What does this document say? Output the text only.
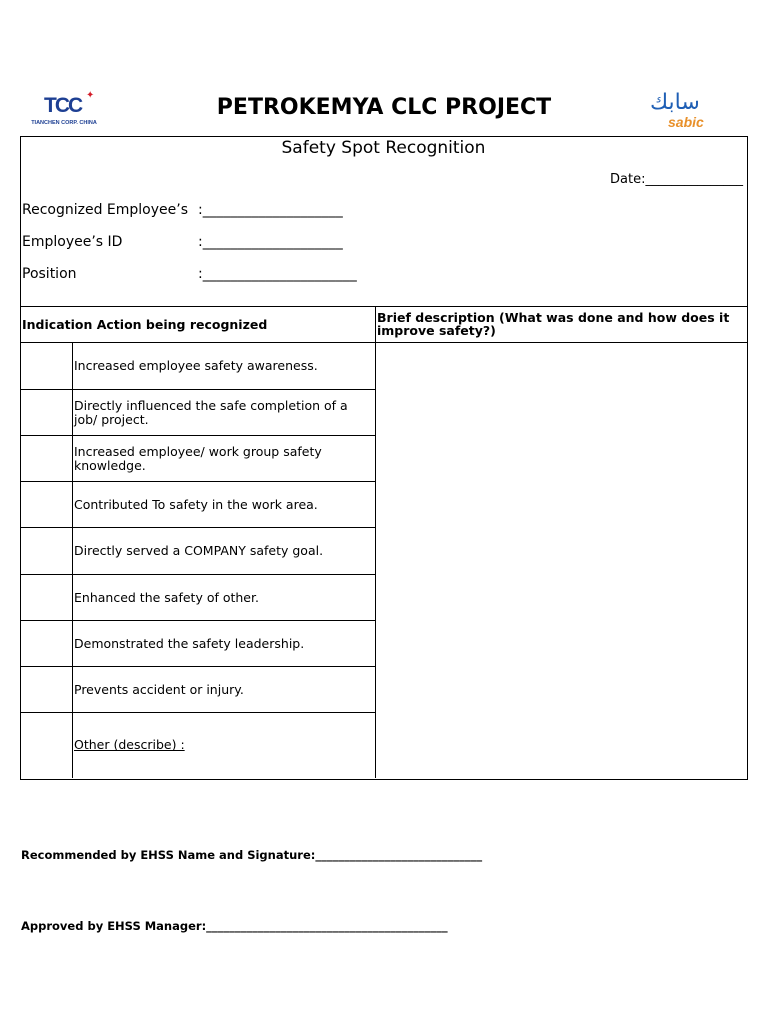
TCC ✦
TIANCHEN CORP. CHINA
PETROKEMYA CLC PROJECT	سابك
sabic
Safety Spot Recognition
Date:_______________
Recognized Employee’s :____________________
Employee’s ID	:____________________
Position	:______________________
Indication Action being recognized	Brief description (What was done and how does it improve safety?)
Increased employee safety awareness.
Directly influenced the safe completion of a job/ project.
Increased employee/ work group safety knowledge.
Contributed To safety in the work area.
Directly served a COMPANY safety goal.
Enhanced the safety of other.
Demonstrated the safety leadership.
Prevents accident or injury.
Other (describe) :
Recommended by EHSS Name and Signature:_____________________________
Approved by EHSS Manager:__________________________________________
